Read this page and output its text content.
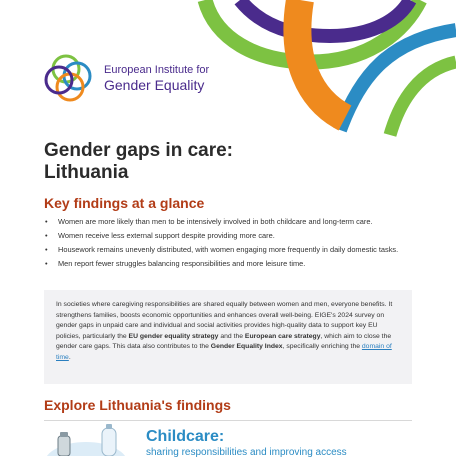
European Institute for
Gender Equality
Gender gaps in care:
Lithuania
Key findings at a glance
• Women are more likely than men to be intensively involved in both childcare and long-term care.
• Women receive less external support despite providing more care.
• Housework remains unevenly distributed, with women engaging more frequently in daily domestic tasks.
• Men report fewer struggles balancing responsibilities and more leisure time.
In societies where caregiving responsibilities are shared equally between women and men, everyone benefits. It strengthens families, boosts economic opportunities and enhances overall well-being. EIGE's 2024 survey on gender gaps in unpaid care and individual and social activities provides high-quality data to support key EU policies, particularly the EU gender equality strategy and the European care strategy, which aim to close the gender care gaps. This data also contributes to the Gender Equality Index, specifically enriching the domain of time.
Explore Lithuania's findings
Childcare:
sharing responsibilities and improving access
